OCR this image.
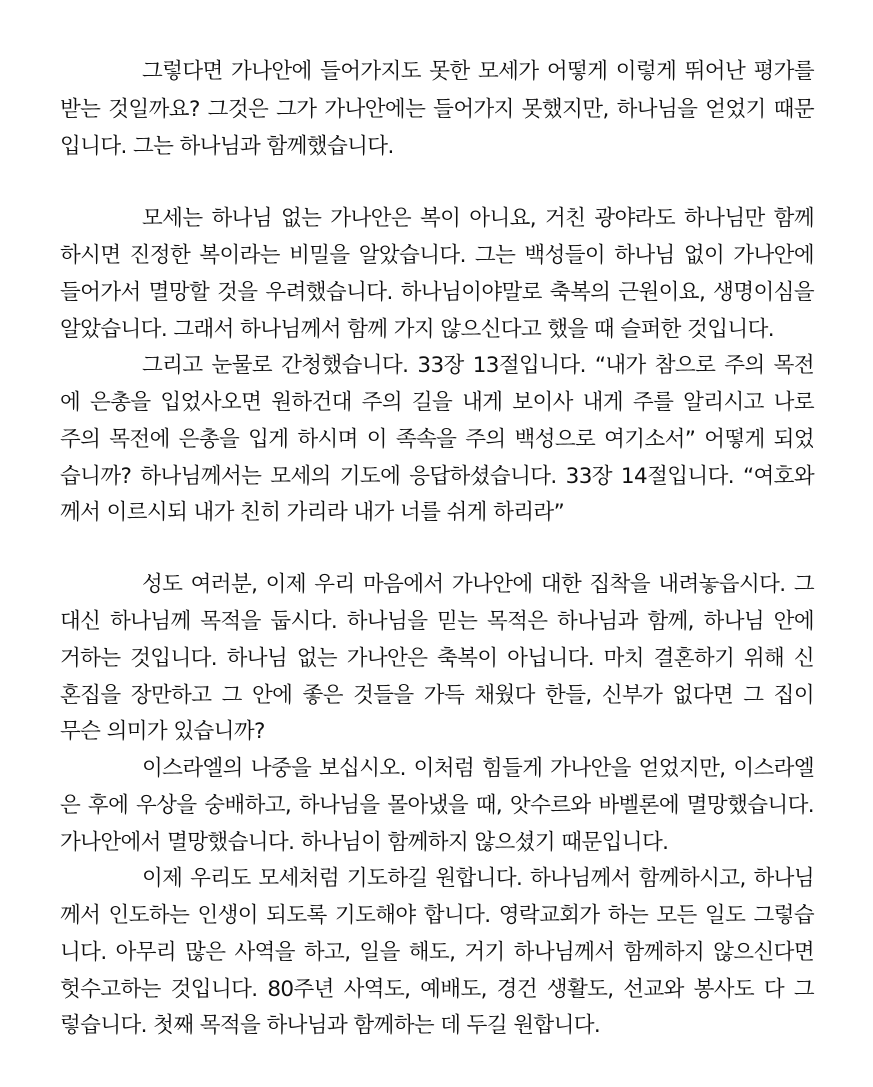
그렇다면 가나안에 들어가지도 못한 모세가 어떻게 이렇게 뛰어난 평가를
받는 것일까요? 그것은 그가 가나안에는 들어가지 못했지만, 하나님을 얻었기 때문
입니다. 그는 하나님과 함께했습니다.
모세는 하나님 없는 가나안은 복이 아니요, 거친 광야라도 하나님만 함께
하시면 진정한 복이라는 비밀을 알았습니다. 그는 백성들이 하나님 없이 가나안에
들어가서 멸망할 것을 우려했습니다. 하나님이야말로 축복의 근원이요, 생명이심을
알았습니다. 그래서 하나님께서 함께 가지 않으신다고 했을 때 슬퍼한 것입니다.
그리고 눈물로 간청했습니다. 33장 13절입니다. “내가 참으로 주의 목전
에 은총을 입었사오면 원하건대 주의 길을 내게 보이사 내게 주를 알리시고 나로
주의 목전에 은총을 입게 하시며 이 족속을 주의 백성으로 여기소서” 어떻게 되었
습니까? 하나님께서는 모세의 기도에 응답하셨습니다. 33장 14절입니다. “여호와
께서 이르시되 내가 친히 가리라 내가 너를 쉬게 하리라”
성도 여러분, 이제 우리 마음에서 가나안에 대한 집착을 내려놓읍시다. 그
대신 하나님께 목적을 둡시다. 하나님을 믿는 목적은 하나님과 함께, 하나님 안에
거하는 것입니다. 하나님 없는 가나안은 축복이 아닙니다. 마치 결혼하기 위해 신
혼집을 장만하고 그 안에 좋은 것들을 가득 채웠다 한들, 신부가 없다면 그 집이
무슨 의미가 있습니까?
이스라엘의 나중을 보십시오. 이처럼 힘들게 가나안을 얻었지만, 이스라엘
은 후에 우상을 숭배하고, 하나님을 몰아냈을 때, 앗수르와 바벨론에 멸망했습니다.
가나안에서 멸망했습니다. 하나님이 함께하지 않으셨기 때문입니다.
이제 우리도 모세처럼 기도하길 원합니다. 하나님께서 함께하시고, 하나님
께서 인도하는 인생이 되도록 기도해야 합니다. 영락교회가 하는 모든 일도 그렇습
니다. 아무리 많은 사역을 하고, 일을 해도, 거기 하나님께서 함께하지 않으신다면
헛수고하는 것입니다. 80주년 사역도, 예배도, 경건 생활도, 선교와 봉사도 다 그
렇습니다. 첫째 목적을 하나님과 함께하는 데 두길 원합니다.
